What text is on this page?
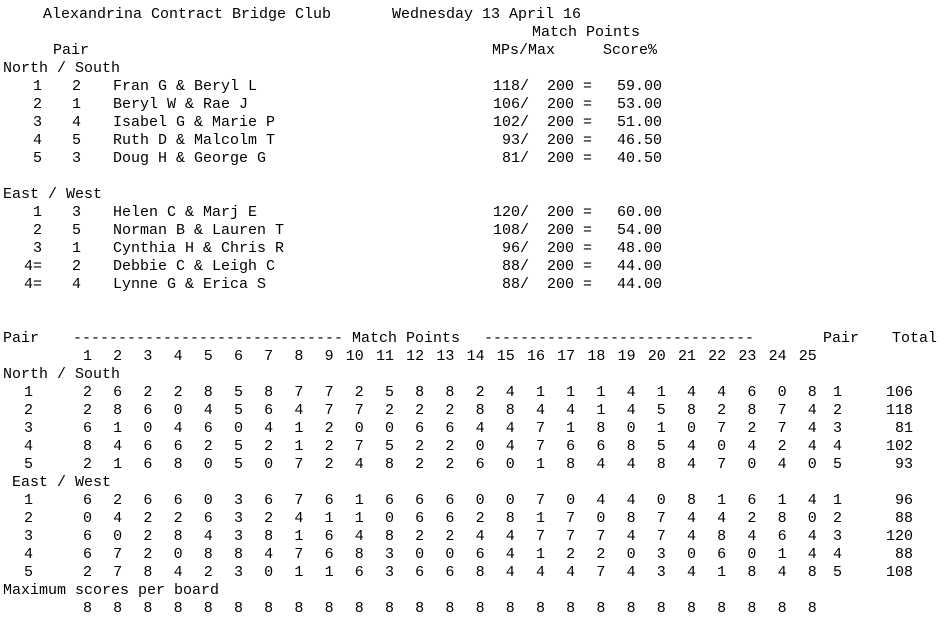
Alexandrina Contract Bridge Club	Wednesday 13 April 16
Match Points
Pair	MPs/Max	Score%
North / South
1 2 Fran G & Beryl L	118 /	200 =	59.00
2 1 Beryl W & Rae J	106 /	200 =	53.00
3 4 Isabel G & Marie P	102 /	200 =	51.00
4 5 Ruth D & Malcolm T	93 /	200 =	46.50
5 3 Doug H & George G	81 /	200 =	40.50
East / West
1 3 Helen C & Marj E	120 /	200 =	60.00
2 5 Norman B & Lauren T	108 /	200 =	54.00
3 1 Cynthia H & Chris R	96 /	200 =	48.00
4= 2 Debbie C & Leigh C	88 /	200 =	44.00
4= 4 Lynne G & Erica S	88 /	200 =	44.00
Pair ------------------------------ Match Points ------------------------------	Pair Total
1	2	3	4	5	6	7	8	9 10 11 12 13 14 15 16 17 18 19 20 21 22 23 24 25
North / South
1	2	6	2	2	8	5	8	7	7	2	5	8	8	2	4	1	1	1	4	1	4	4	6	0	8	1	106
2	2	8	6	0	4	5	6	4	7	7	2	2	2	8	8	4	4	1	4	5	8	2	8	7	4	2	118
3	6	1	0	4	6	0	4	1	2	0	0	6	6	4	4	7	1	8	0	1	0	7	2	7	4	3	81
4	8	4	6	6	2	5	2	1	2	7	5	2	2	0	4	7	6	6	8	5	4	0	4	2	4	4	102
5	2	1	6	8	0	5	0	7	2	4	8	2	2	6	0	1	8	4	4	8	4	7	0	4	0	5	93
East / West
1	6	2	6	6	0	3	6	7	6	1	6	6	6	0	0	7	0	4	4	0	8	1	6	1	4	1	96
2	0	4	2	2	6	3	2	4	1	1	0	6	6	2	8	1	7	0	8	7	4	4	2	8	0	2	88
3	6	0	2	8	4	3	8	1	6	4	8	2	2	4	4	7	7	7	4	7	4	8	4	6	4	3	120
4	6	7	2	0	8	8	4	7	6	8	3	0	0	6	4	1	2	2	0	3	0	6	0	1	4	4	88
5	2	7	8	4	2	3	0	1	1	6	3	6	6	8	4	4	4	7	4	3	4	1	8	4	8	5	108
Maximum scores per board
8	8	8	8	8	8	8	8	8	8	8	8	8	8	8	8	8	8	8	8	8	8	8	8	8
